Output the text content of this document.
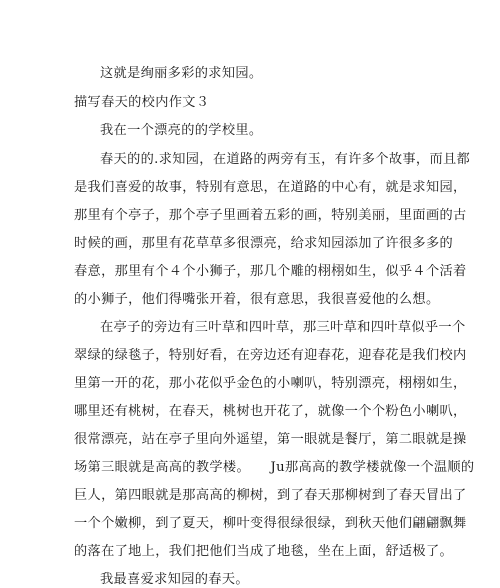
这就是绚丽多彩的求知园。
描写春天的校内作文３
我在一个漂亮的的学校里。
春天的的.求知园，在道路的两旁有玉，有许多个故事，而且都
是我们喜爱的故事，特别有意思，在道路的中心有，就是求知园，
那里有个亭子，那个亭子里画着五彩的画，特别美丽，里面画的古
时候的画，那里有花草草多很漂亮，给求知园添加了许很多多的
春意，那里有个４个小狮子，那几个雕的栩栩如生，似乎４个活着
的小狮子，他们得嘴张开着，很有意思，我很喜爱他的么想。
在亭子的旁边有三叶草和四叶草，那三叶草和四叶草似乎一个
翠绿的绿毯子，特别好看，在旁边还有迎春花，迎春花是我们校内
里第一开的花，那小花似乎金色的小喇叭，特别漂亮，栩栩如生，
哪里还有桃树，在春天，桃树也开花了，就像一个个粉色小喇叭，
很常漂亮，站在亭子里向外遥望，第一眼就是餐厅，第二眼就是操
场第三眼就是高高的教学楼。　　Ju那高高的教学楼就像一个温顺的
巨人，第四眼就是那高高的柳树，到了春天那柳树到了春天冒出了
一个个嫩柳，到了夏天，柳叶变得很绿很绿，到秋天他们翩翩飘舞
的落在了地上，我们把他们当成了地毯，坐在上面，舒适极了。
我最喜爱求知园的春天。
